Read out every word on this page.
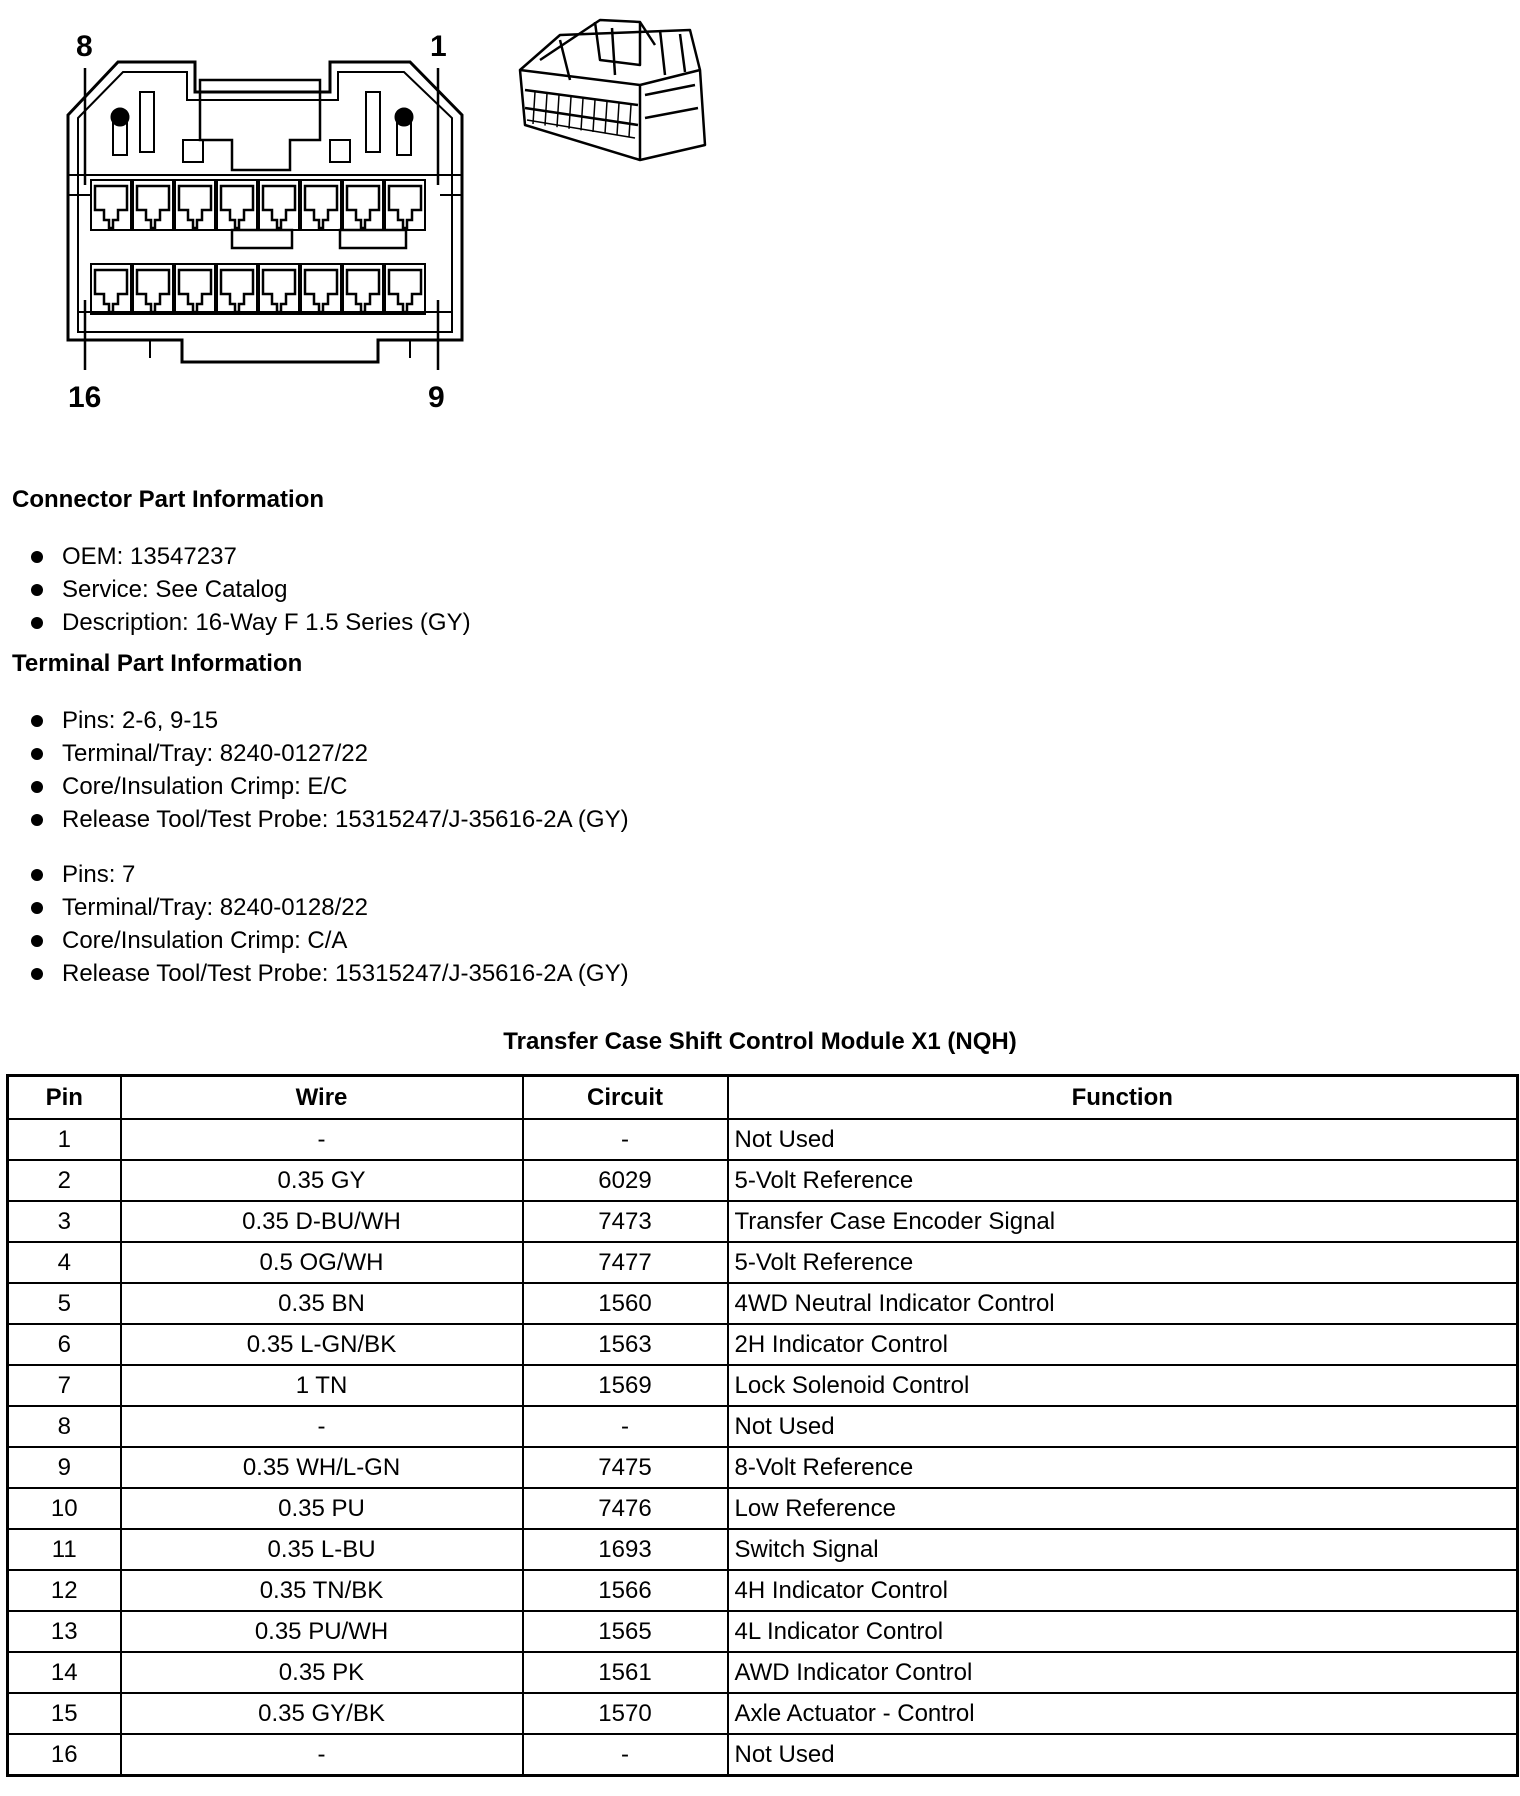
8	1
16	9
Connector Part Information
OEM: 13547237
Service: See Catalog
Description: 16-Way F 1.5 Series (GY)
Terminal Part Information
Pins: 2-6, 9-15
Terminal/Tray: 8240-0127/22
Core/Insulation Crimp: E/C
Release Tool/Test Probe: 15315247/J-35616-2A (GY)
Pins: 7
Terminal/Tray: 8240-0128/22
Core/Insulation Crimp: C/A
Release Tool/Test Probe: 15315247/J-35616-2A (GY)
Transfer Case Shift Control Module X1 (NQH)
Pin	Wire	Circuit	Function
1	-	-	Not Used
2	0.35 GY	6029	5-Volt Reference
3	0.35 D-BU/WH	7473	Transfer Case Encoder Signal
4	0.5 OG/WH	7477	5-Volt Reference
5	0.35 BN	1560	4WD Neutral Indicator Control
6	0.35 L-GN/BK	1563	2H Indicator Control
7	1 TN	1569	Lock Solenoid Control
8	-	-	Not Used
9	0.35 WH/L-GN	7475	8-Volt Reference
10	0.35 PU	7476	Low Reference
11	0.35 L-BU	1693	Switch Signal
12	0.35 TN/BK	1566	4H Indicator Control
13	0.35 PU/WH	1565	4L Indicator Control
14	0.35 PK	1561	AWD Indicator Control
15	0.35 GY/BK	1570	Axle Actuator - Control
16	-	-	Not Used
